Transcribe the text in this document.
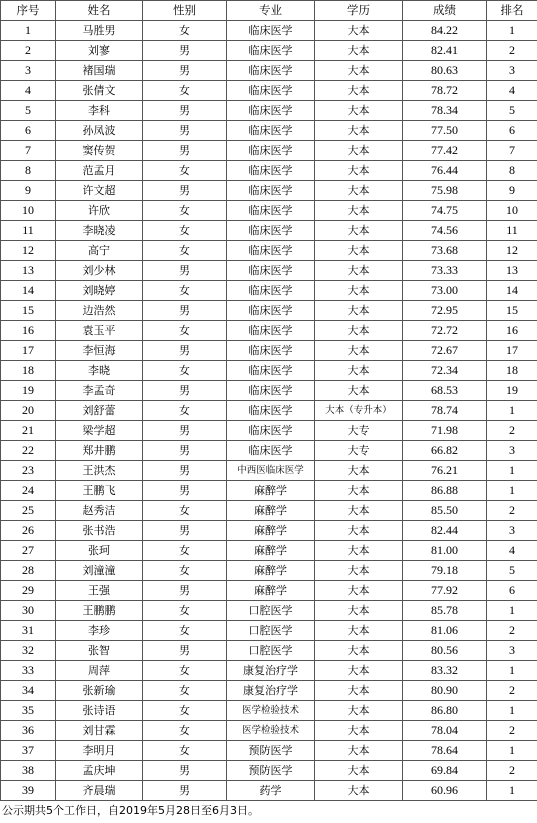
序号	姓名	性别	专业	学历	成绩	排名
1	马胜男	女	临床医学	大本	84.22	1
2	刘寥	男	临床医学	大本	82.41	2
3	褚国瑞	男	临床医学	大本	80.63	3
4	张倩文	女	临床医学	大本	78.72	4
5	李科	男	临床医学	大本	78.34	5
6	孙凤波	男	临床医学	大本	77.50	6
7	窦传贺	男	临床医学	大本	77.42	7
8	范孟月	女	临床医学	大本	76.44	8
9	许文超	男	临床医学	大本	75.98	9
10	许欣	女	临床医学	大本	74.75	10
11	李晓凌	女	临床医学	大本	74.56	11
12	高宁	女	临床医学	大本	73.68	12
13	刘少林	男	临床医学	大本	73.33	13
14	刘晓婷	女	临床医学	大本	73.00	14
15	边浩然	男	临床医学	大本	72.95	15
16	袁玉平	女	临床医学	大本	72.72	16
17	李恒海	男	临床医学	大本	72.67	17
18	李晓	女	临床医学	大本	72.34	18
19	李孟奇	男	临床医学	大本	68.53	19
20	刘舒蕾	女	临床医学	大本（专升本）	78.74	1
21	梁学超	男	临床医学	大专	71.98	2
22	郑井鹏	男	临床医学	大专	66.82	3
23	王洪杰	男	中西医临床医学	大本	76.21	1
24	王鹏飞	男	麻醉学	大本	86.88	1
25	赵秀洁	女	麻醉学	大本	85.50	2
26	张书浩	男	麻醉学	大本	82.44	3
27	张珂	女	麻醉学	大本	81.00	4
28	刘潼潼	女	麻醉学	大本	79.18	5
29	王强	男	麻醉学	大本	77.92	6
30	王鹏鹏	女	口腔医学	大本	85.78	1
31	李珍	女	口腔医学	大本	81.06	2
32	张智	男	口腔医学	大本	80.56	3
33	周萍	女	康复治疗学	大本	83.32	1
34	张新瑜	女	康复治疗学	大本	80.90	2
35	张诗语	女	医学检验技术	大本	86.80	1
36	刘甘霖	女	医学检验技术	大本	78.04	2
37	李明月	女	预防医学	大本	78.64	1
38	孟庆坤	男	预防医学	大本	69.84	2
39	齐晨瑞	男	药学	大本	60.96	1
公示期共5个工作日，自2019年5月28日至6月3日。
